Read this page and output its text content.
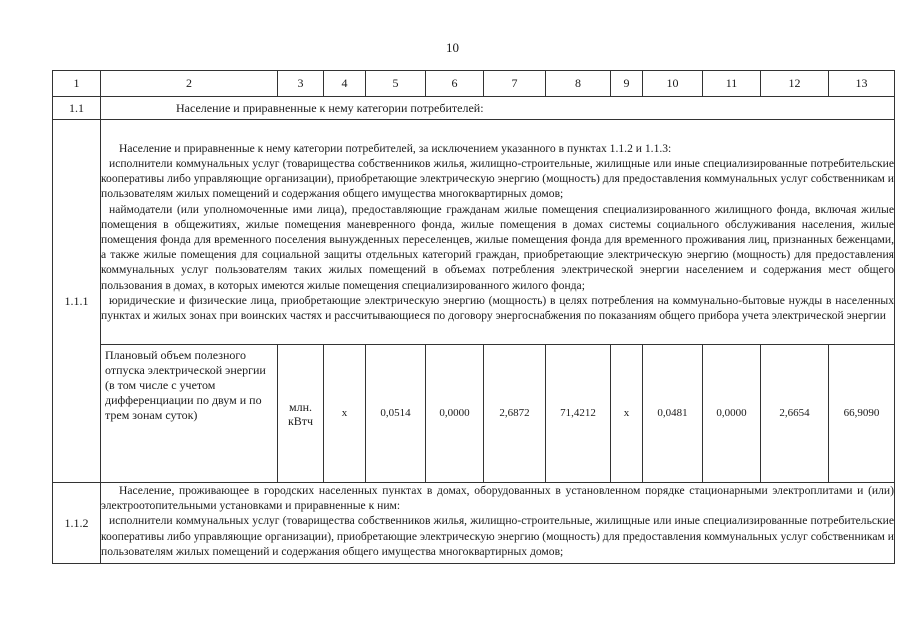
10
1	2	3	4	5	6	7	8	9	10	11	12	13
1.1	Население и приравненные к нему категории потребителей:											
1.1.1	Население и приравненные к нему категории потребителей, за исключением указанного в пунктах 1.1.2 и 1.1.3:

исполнители коммунальных услуг (товарищества собственников жилья, жилищно-строительные, жилищные или иные специализированные потребительские кооперативы либо управляющие организации), приобретающие электрическую энергию (мощность) для предоставления коммунальных услуг собственникам и пользователям жилых помещений и содержания общего имущества многоквартирных домов;

наймодатели (или уполномоченные ими лица), предоставляющие гражданам жилые помещения специализированного жилищного фонда, включая жилые помещения в общежитиях, жилые помещения маневренного фонда, жилые помещения в домах системы социального обслуживания населения, жилые помещения фонда для временного поселения вынужденных переселенцев, жилые помещения фонда для временного проживания лиц, признанных беженцами, а также жилые помещения для социальной защиты отдельных категорий граждан, приобретающие электрическую энергию (мощность) для предоставления коммунальных услуг пользователям таких жилых помещений в объемах потребления электрической энергии населением и содержания мест общего пользования в домах, в которых имеются жилые помещения специализированного жилого фонда;

юридические и физические лица, приобретающие электрическую энергию (мощность) в целях потребления на коммунально-бытовые нужды в населенных пунктах и жилых зонах при воинских частях и рассчитывающиеся по договору энергоснабжения по показаниям общего прибора учета электрической энергии											

	Плановый объем полезного отпуска электрической энергии (в том числе с учетом дифференциации по двум и по трем зонам суток)	млн. кВтч	х	0,0514	0,0000	2,6872	71,4212	х	0,0481	0,0000	2,6654	66,9090
1.1.2	Население, проживающее в городских населенных пунктах в домах, оборудованных в установленном порядке стационарными электроплитами и (или) электроотопительными установками и приравненные к ним:

исполнители коммунальных услуг (товарищества собственников жилья, жилищно-строительные, жилищные или иные специализированные потребительские кооперативы либо управляющие организации), приобретающие электрическую энергию (мощность) для предоставления коммунальных услуг собственникам и пользователям жилых помещений и содержания общего имущества многоквартирных домов;											
